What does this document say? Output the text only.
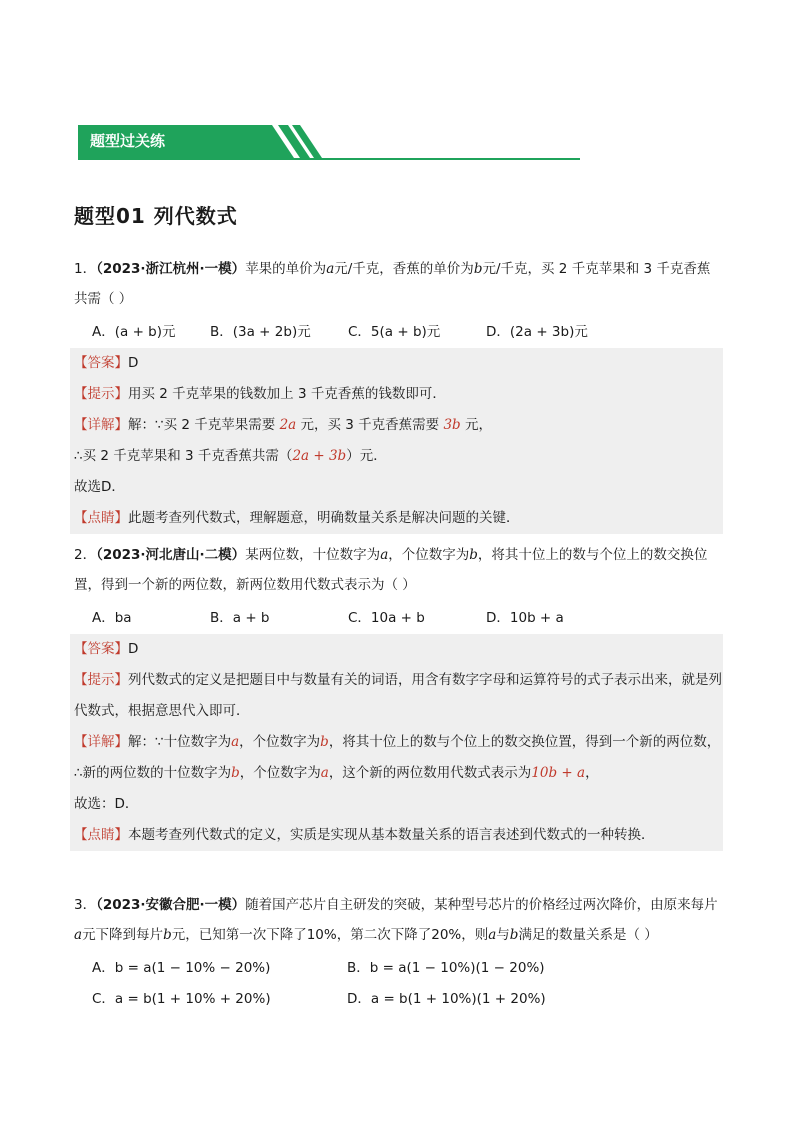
题型过关练
题型01 列代数式
1．（2023·浙江杭州·一模）苹果的单价为a元/千克，香蕉的单价为b元/千克，买 2 千克苹果和 3 千克香蕉共需（ ）
A．(a + b)元	B．(3a + 2b)元	C．5(a + b)元	D．(2a + 3b)元
【答案】D
【提示】用买 2 千克苹果的钱数加上 3 千克香蕉的钱数即可．
【详解】解：∵买 2 千克苹果需要 2a 元，买 3 千克香蕉需要 3b 元，
∴买 2 千克苹果和 3 千克香蕉共需（2a + 3b）元．
故选D．
【点睛】此题考查列代数式，理解题意，明确数量关系是解决问题的关键．
2．（2023·河北唐山·二模）某两位数，十位数字为a，个位数字为b，将其十位上的数与个位上的数交换位置，得到一个新的两位数，新两位数用代数式表示为（ ）
A．ba	B．a + b	C．10a + b	D．10b + a
【答案】D
【提示】列代数式的定义是把题目中与数量有关的词语，用含有数字字母和运算符号的式子表示出来，就是列代数式，根据意思代入即可．
【详解】解：∵十位数字为a，个位数字为b，将其十位上的数与个位上的数交换位置，得到一个新的两位数，
∴新的两位数的十位数字为b，个位数字为a，这个新的两位数用代数式表示为10b + a，
故选：D．
【点睛】本题考查列代数式的定义，实质是实现从基本数量关系的语言表述到代数式的一种转换．
3．（2023·安徽合肥·一模）随着国产芯片自主研发的突破，某种型号芯片的价格经过两次降价，由原来每片a元下降到每片b元，已知第一次下降了10%，第二次下降了20%，则a与b满足的数量关系是（ ）
A．b = a(1 − 10% − 20%)	B．b = a(1 − 10%)(1 − 20%)
C．a = b(1 + 10% + 20%)	D．a = b(1 + 10%)(1 + 20%)
